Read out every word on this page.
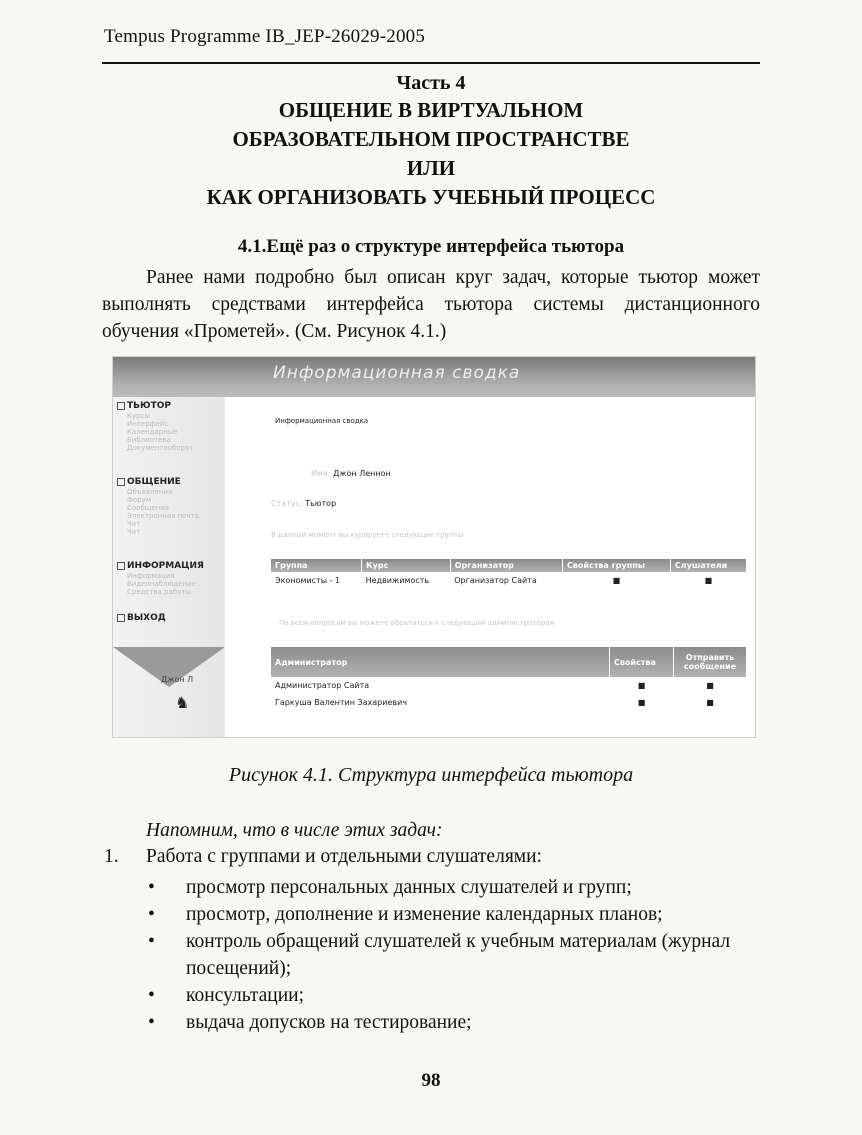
Tempus Programme IB_JEP-26029-2005
Часть 4
ОБЩЕНИЕ В ВИРТУАЛЬНОМ
ОБРАЗОВАТЕЛЬНОМ ПРОСТРАНСТВЕ
ИЛИ
КАК ОРГАНИЗОВАТЬ УЧЕБНЫЙ ПРОЦЕСС
4.1.Ещё раз о структуре интерфейса тьютора
Ранее нами подробно был описан круг задач, которые тьютор может выполнять средствами интерфейса тьютора системы дистанционного обучения «Прометей». (См. Рисунок 4.1.)
Информационная сводка
ТЬЮТОР
Курсы
Интерфейс
Календарные
Библиотека
Документооборот
ОБЩЕНИЕ
Объявления
Форум
Сообщения
Электронная почта
Чат
Чат
ИНФОРМАЦИЯ
Информация
Видеонаблюдение
Средства работы
ВЫХОД
Джон Л
♞
Информационная сводка
Имя: Джон Леннон
Статус: Тьютор
В данный момент вы курируете следующие группы
Группа	Курс	Организатор	Свойства группы	Слушатели
Экономисты - 1	Недвижимость	Организатор Сайта	■	■
По всем вопросам вы можете обратиться к следующим администраторам
Администратор	Свойства	Отправить сообщение
Администратор Сайта	■	■
Гаркуша Валентин Захариевич	■	■
Рисунок 4.1. Структура интерфейса тьютора
Напомним, что в числе этих задач:
1. Работа с группами и отдельными слушателями:
• просмотр персональных данных слушателей и групп;
• просмотр, дополнение и изменение календарных планов;
• контроль обращений слушателей к учебным материалам (журнал посещений);
• консультации;
• выдача допусков на тестирование;
98
